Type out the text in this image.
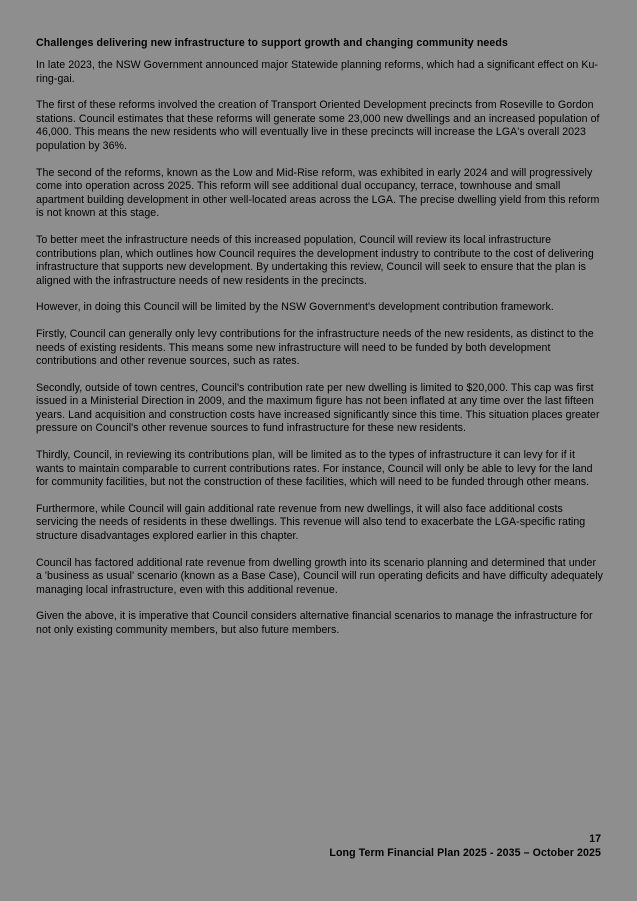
Challenges delivering new infrastructure to support growth and changing community needs

In late 2023, the NSW Government announced major Statewide planning reforms, which had a significant effect on Ku-ring-gai.

The first of these reforms involved the creation of Transport Oriented Development precincts from Roseville to Gordon stations. Council estimates that these reforms will generate some 23,000 new dwellings and an increased population of 46,000. This means the new residents who will eventually live in these precincts will increase the LGA's overall 2023 population by 36%.

The second of the reforms, known as the Low and Mid-Rise reform, was exhibited in early 2024 and will progressively come into operation across 2025. This reform will see additional dual occupancy, terrace, townhouse and small apartment building development in other well-located areas across the LGA. The precise dwelling yield from this reform is not known at this stage.

To better meet the infrastructure needs of this increased population, Council will review its local infrastructure contributions plan, which outlines how Council requires the development industry to contribute to the cost of delivering infrastructure that supports new development. By undertaking this review, Council will seek to ensure that the plan is aligned with the infrastructure needs of new residents in the precincts.

However, in doing this Council will be limited by the NSW Government's development contribution framework.

Firstly, Council can generally only levy contributions for the infrastructure needs of the new residents, as distinct to the needs of existing residents. This means some new infrastructure will need to be funded by both development contributions and other revenue sources, such as rates.

Secondly, outside of town centres, Council's contribution rate per new dwelling is limited to $20,000. This cap was first issued in a Ministerial Direction in 2009, and the maximum figure has not been inflated at any time over the last fifteen years. Land acquisition and construction costs have increased significantly since this time. This situation places greater pressure on Council's other revenue sources to fund infrastructure for these new residents.

Thirdly, Council, in reviewing its contributions plan, will be limited as to the types of infrastructure it can levy for if it wants to maintain comparable to current contributions rates. For instance, Council will only be able to levy for the land for community facilities, but not the construction of these facilities, which will need to be funded through other means.

Furthermore, while Council will gain additional rate revenue from new dwellings, it will also face additional costs servicing the needs of residents in these dwellings. This revenue will also tend to exacerbate the LGA-specific rating structure disadvantages explored earlier in this chapter.

Council has factored additional rate revenue from dwelling growth into its scenario planning and determined that under a 'business as usual' scenario (known as a Base Case), Council will run operating deficits and have difficulty adequately managing local infrastructure, even with this additional revenue.

Given the above, it is imperative that Council considers alternative financial scenarios to manage the infrastructure for not only existing community members, but also future members.

17
Long Term Financial Plan 2025 - 2035 – October 2025
